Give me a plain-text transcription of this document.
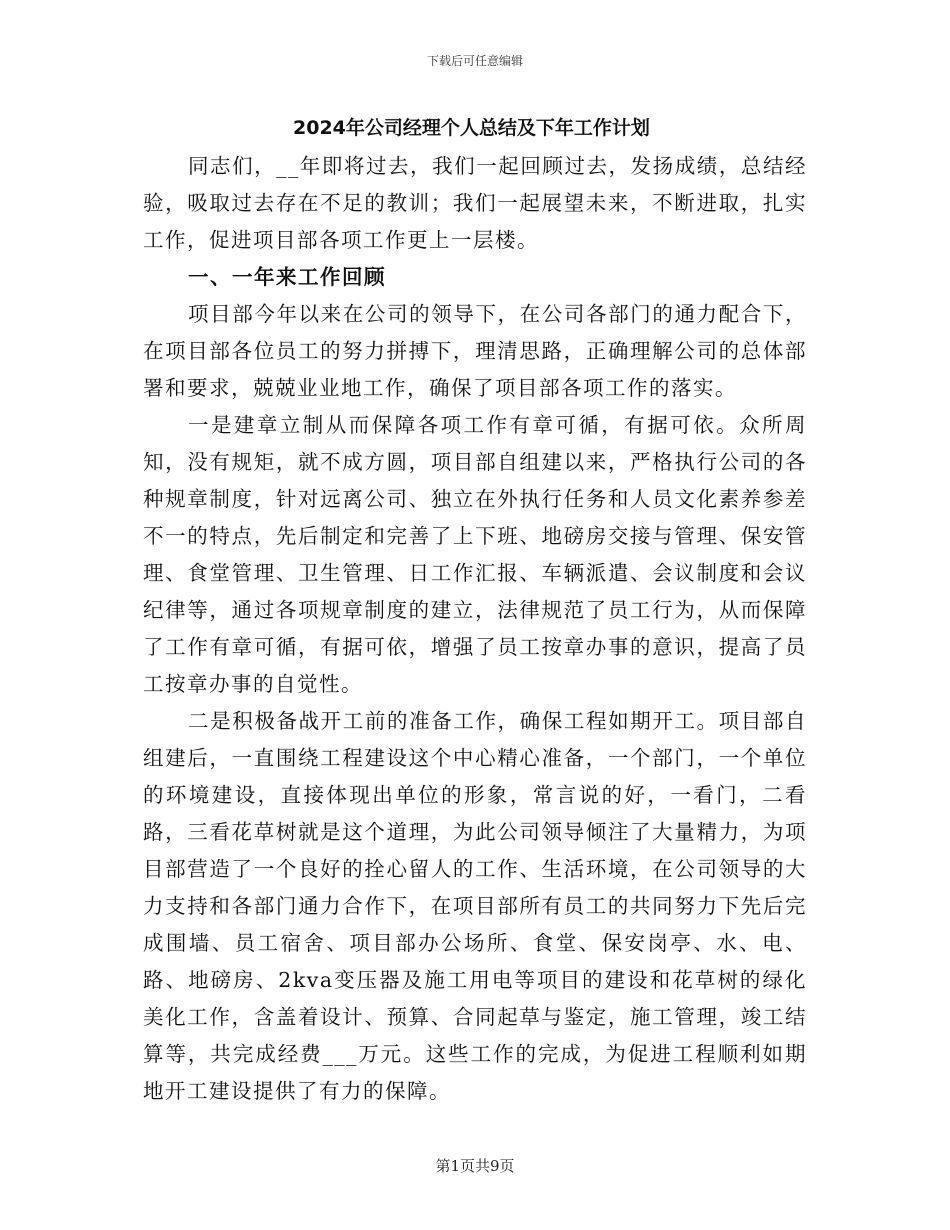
下载后可任意编辑
2024年公司经理个人总结及下年工作计划

同志们，__年即将过去，我们一起回顾过去，发扬成绩，总结经验，吸取过去存在不足的教训；我们一起展望未来，不断进取，扎实工作，促进项目部各项工作更上一层楼。

一、一年来工作回顾

项目部今年以来在公司的领导下，在公司各部门的通力配合下，在项目部各位员工的努力拼搏下，理清思路，正确理解公司的总体部署和要求，兢兢业业地工作，确保了项目部各项工作的落实。

一是建章立制从而保障各项工作有章可循，有据可依。众所周知，没有规矩，就不成方圆，项目部自组建以来，严格执行公司的各种规章制度，针对远离公司、独立在外执行任务和人员文化素养参差不一的特点，先后制定和完善了上下班、地磅房交接与管理、保安管理、食堂管理、卫生管理、日工作汇报、车辆派遣、会议制度和会议纪律等，通过各项规章制度的建立，法律规范了员工行为，从而保障了工作有章可循，有据可依，增强了员工按章办事的意识，提高了员工按章办事的自觉性。

二是积极备战开工前的准备工作，确保工程如期开工。项目部自组建后，一直围绕工程建设这个中心精心准备，一个部门，一个单位的环境建设，直接体现出单位的形象，常言说的好，一看门，二看路，三看花草树就是这个道理，为此公司领导倾注了大量精力，为项目部营造了一个良好的拴心留人的工作、生活环境，在公司领导的大力支持和各部门通力合作下，在项目部所有员工的共同努力下先后完成围墙、员工宿舍、项目部办公场所、食堂、保安岗亭、水、电、路、地磅房、2kva变压器及施工用电等项目的建设和花草树的绿化美化工作，含盖着设计、预算、合同起草与鉴定，施工管理，竣工结算等，共完成经费___万元。这些工作的完成，为促进工程顺利如期地开工建设提供了有力的保障。

第1页共9页
